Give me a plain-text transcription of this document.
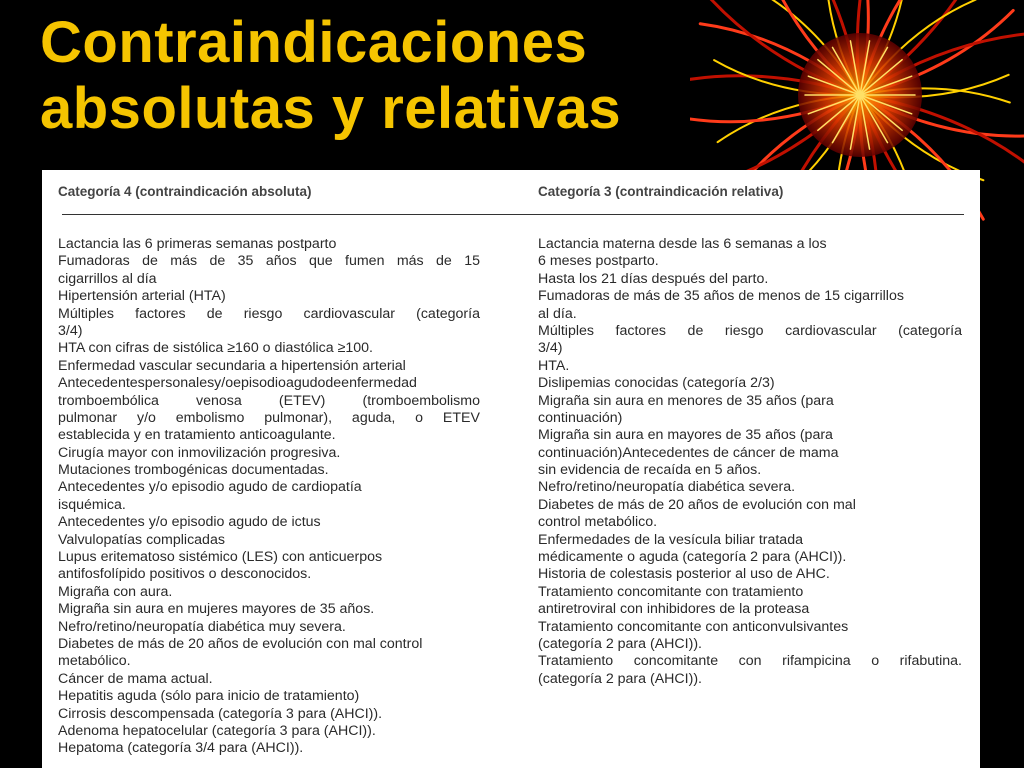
Contraindicaciones
absolutas y relativas
Categoría 4 (contraindicación absoluta)
Lactancia las 6 primeras semanas postparto
Fumadoras de más de 35 años que fumen más de 15
cigarrillos al día
Hipertensión arterial (HTA)
Múltiples factores de riesgo cardiovascular (categoría
3/4)
HTA con cifras de sistólica ≥160 o diastólica ≥100.
Enfermedad vascular secundaria a hipertensión arterial
Antecedentespersonalesy/oepisodioagudodeenfermedad
tromboembólica venosa (ETEV) (tromboembolismo
pulmonar y/o embolismo pulmonar), aguda, o ETEV
establecida y en tratamiento anticoagulante.
Cirugía mayor con inmovilización progresiva.
Mutaciones trombogénicas documentadas.
Antecedentes y/o episodio agudo de cardiopatía
isquémica.
Antecedentes y/o episodio agudo de ictus
Valvulopatías complicadas
Lupus eritematoso sistémico (LES) con anticuerpos
antifosfolípido positivos o desconocidos.
Migraña con aura.
Migraña sin aura en mujeres mayores de 35 años.
Nefro/retino/neuropatía diabética muy severa.
Diabetes de más de 20 años de evolución con mal control
metabólico.
Cáncer de mama actual.
Hepatitis aguda (sólo para inicio de tratamiento)
Cirrosis descompensada (categoría 3 para (AHCI)).
Adenoma hepatocelular (categoría 3 para (AHCI)).
Hepatoma (categoría 3/4 para (AHCI)).
Categoría 3 (contraindicación relativa)
Lactancia materna desde las 6 semanas a los
6 meses postparto.
Hasta los 21 días después del parto.
Fumadoras de más de 35 años de menos de 15 cigarrillos
al día.
Múltiples factores de riesgo cardiovascular (categoría
3/4)
HTA.
Dislipemias conocidas (categoría 2/3)
Migraña sin aura en menores de 35 años (para
continuación)
Migraña sin aura en mayores de 35 años (para
continuación)Antecedentes de cáncer de mama
sin evidencia de recaída en 5 años.
Nefro/retino/neuropatía diabética severa.
Diabetes de más de 20 años de evolución con mal
control metabólico.
Enfermedades de la vesícula biliar tratada
médicamente o aguda (categoría 2 para (AHCI)).
Historia de colestasis posterior al uso de AHC.
Tratamiento concomitante con tratamiento
antiretroviral con inhibidores de la proteasa
Tratamiento concomitante con anticonvulsivantes
(categoría 2 para (AHCI)).
Tratamiento concomitante con rifampicina o rifabutina.
(categoría 2 para (AHCI)).
